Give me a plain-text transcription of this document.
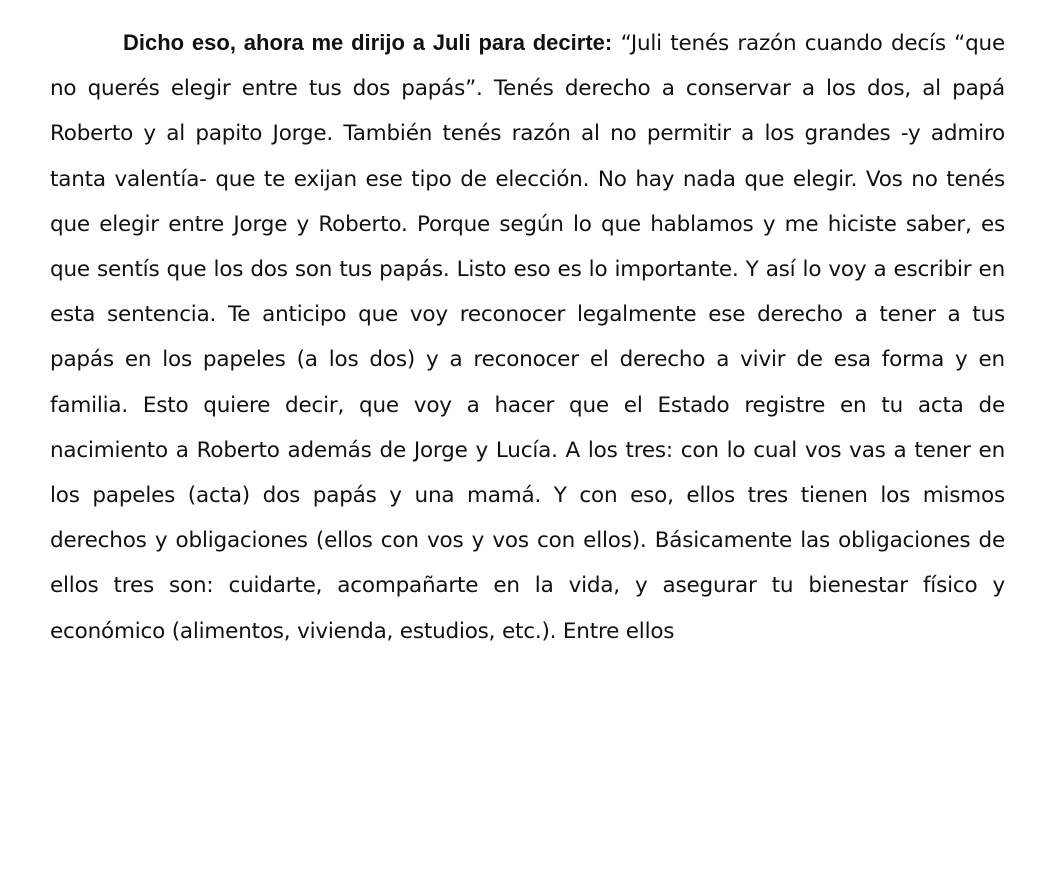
Dicho eso, ahora me dirijo a Juli para decirte: “Juli tenés razón cuando decís “que no querés elegir entre tus dos papás”. Tenés derecho a conservar a los dos, al papá Roberto y al papito Jorge. También tenés razón al no permitir a los grandes -y admiro tanta valentía- que te exijan ese tipo de elección. No hay nada que elegir. Vos no tenés que elegir entre Jorge y Roberto. Porque según lo que hablamos y me hiciste saber, es que sentís que los dos son tus papás. Listo eso es lo importante. Y así lo voy a escribir en esta sentencia. Te anticipo que voy reconocer legalmente ese derecho a tener a tus papás en los papeles (a los dos) y a reconocer el derecho a vivir de esa forma y en familia. Esto quiere decir, que voy a hacer que el Estado registre en tu acta de nacimiento a Roberto además de Jorge y Lucía. A los tres: con lo cual vos vas a tener en los papeles (acta) dos papás y una mamá. Y con eso, ellos tres tienen los mismos derechos y obligaciones (ellos con vos y vos con ellos). Básicamente las obligaciones de ellos tres son: cuidarte, acompañarte en la vida, y asegurar tu bienestar físico y económico (alimentos, vivienda, estudios, etc.). Entre ellos
